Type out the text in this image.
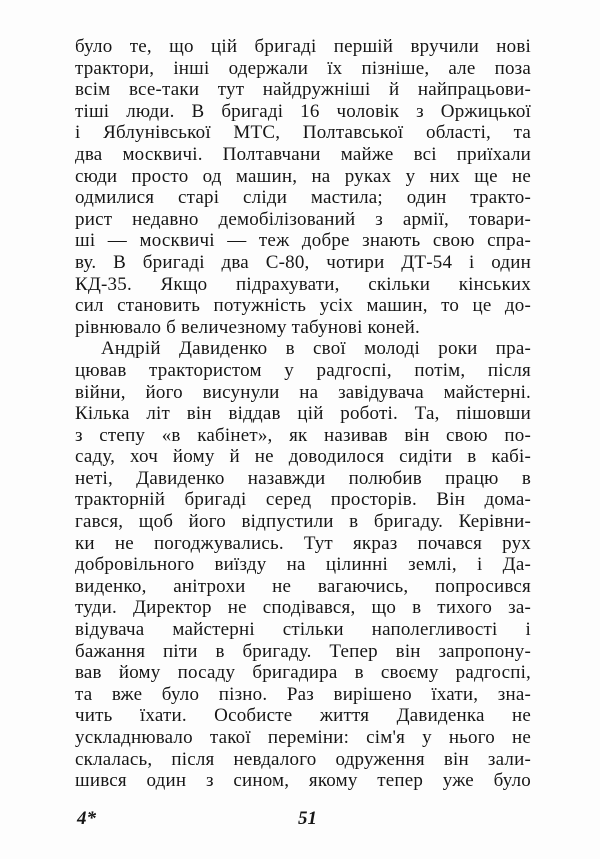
було те, що цій бригаді першій вручили нові
трактори, інші одержали їх пізніше, але поза
всім все-таки тут найдружніші й найпрацьови-
тіші люди. В бригаді 16 чоловік з Оржицької
і Яблунівської МТС, Полтавської області, та
два москвичі. Полтавчани майже всі приїхали
сюди просто од машин, на руках у них ще не
одмилися старі сліди мастила; один тракто-
рист недавно демобілізований з армії, товари-
ші — москвичі — теж добре знають свою спра-
ву. В бригаді два С-80, чотири ДТ-54 і один
КД-35. Якщо підрахувати, скільки кінських
сил становить потужність усіх машин, то це до-
рівнювало б величезному табунові коней.
Андрій Давиденко в свої молоді роки пра-
цював трактористом у радгоспі, потім, після
війни, його висунули на завідувача майстерні.
Кілька літ він віддав цій роботі. Та, пішовши
з степу «в кабінет», як називав він свою по-
саду, хоч йому й не доводилося сидіти в кабі-
неті, Давиденко назавжди полюбив працю в
тракторній бригаді серед просторів. Він дома-
гався, щоб його відпустили в бригаду. Керівни-
ки не погоджувались. Тут якраз почався рух
добровільного виїзду на цілинні землі, і Да-
виденко, анітрохи не вагаючись, попросився
туди. Директор не сподівався, що в тихого за-
відувача майстерні стільки наполегливості і
бажання піти в бригаду. Тепер він запропону-
вав йому посаду бригадира в своєму радгоспі,
та вже було пізно. Раз вирішено їхати, зна-
чить їхати. Особисте життя Давиденка не
ускладнювало такої переміни: сім'я у нього не
склалась, після невдалого одруження він зали-
шився один з сином, якому тепер уже було
4*	51
